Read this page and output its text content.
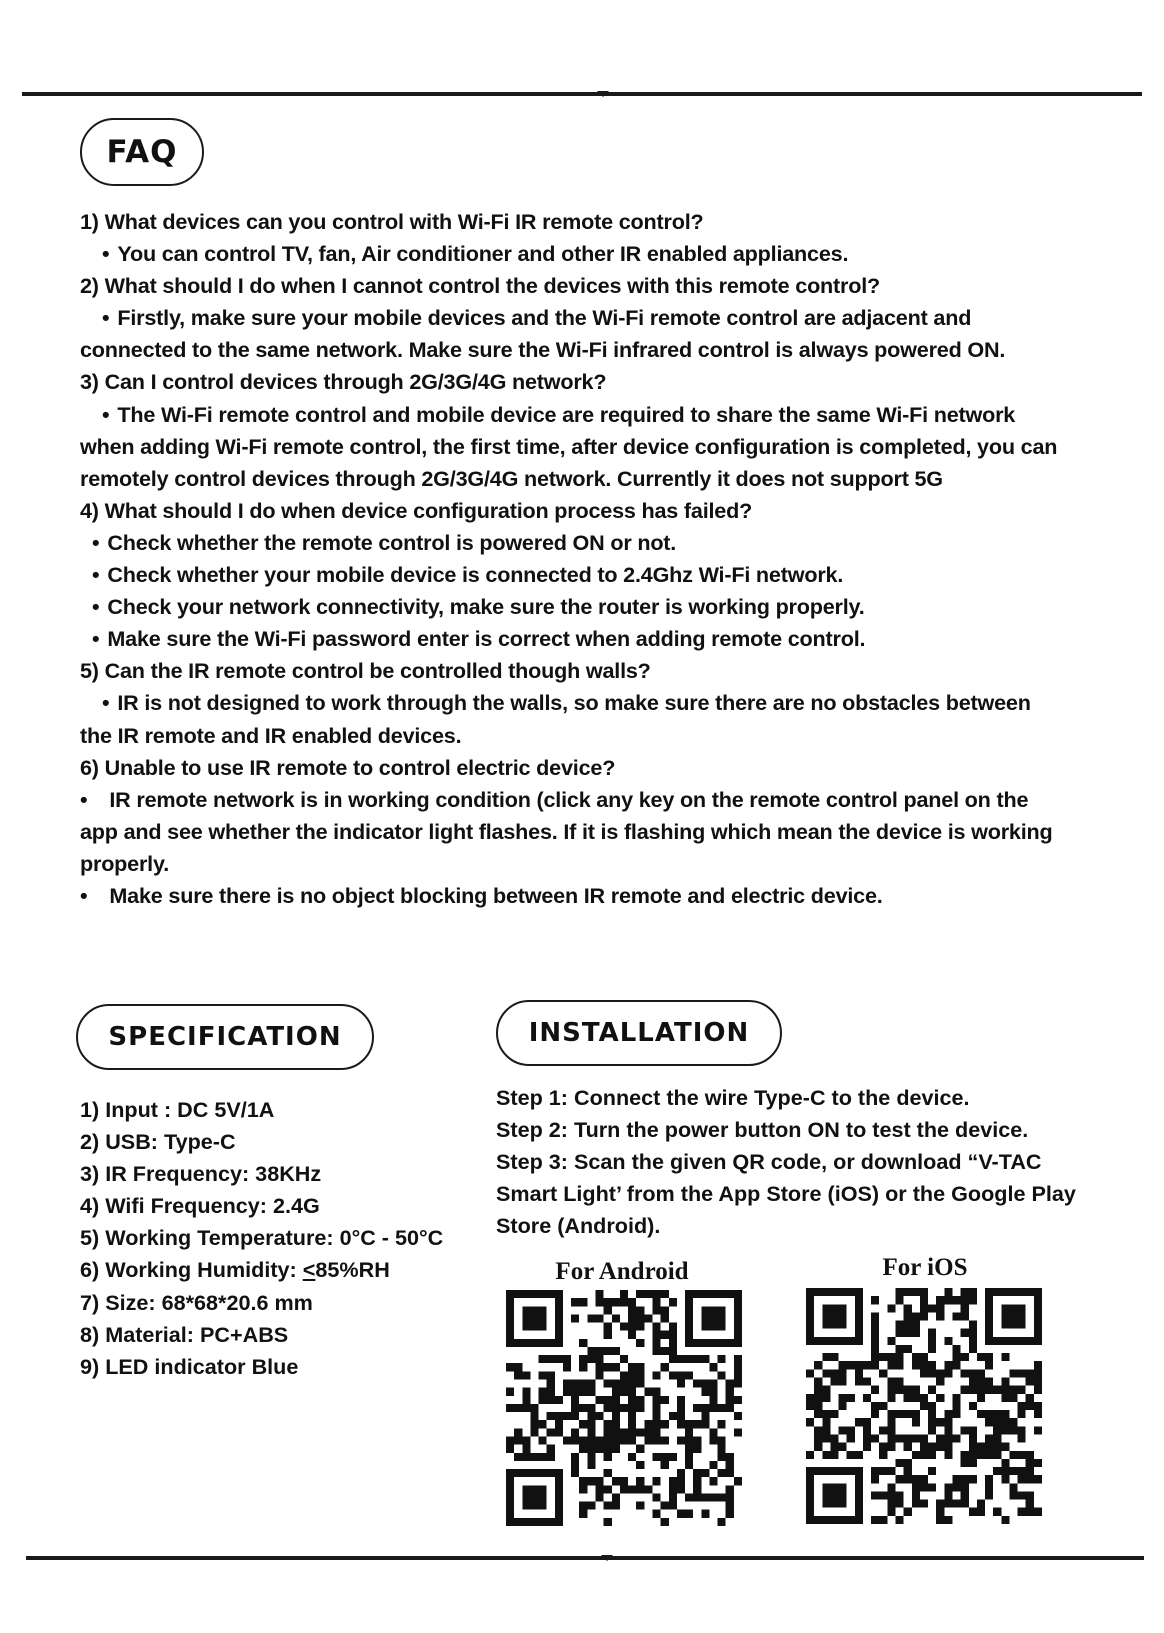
FAQ

1) What devices can you control with Wi-Fi IR remote control?

• You can control TV, fan, Air conditioner and other IR enabled appliances.

2) What should I do when I cannot control the devices with this remote control?

• Firstly, make sure your mobile devices and the Wi-Fi remote control are adjacent and

connected to the same network. Make sure the Wi-Fi infrared control is always powered ON.

3) Can I control devices through 2G/3G/4G network?

• The Wi-Fi remote control and mobile device are required to share the same Wi-Fi network

when adding Wi-Fi remote control, the first time, after device configuration is completed, you can

remotely control devices through 2G/3G/4G network. Currently it does not support 5G

4) What should I do when device configuration process has failed?

• Check whether the remote control is powered ON or not.

• Check whether your mobile device is connected to 2.4Ghz Wi-Fi network.

• Check your network connectivity, make sure the router is working properly.

• Make sure the Wi-Fi password enter is correct when adding remote control.

5) Can the IR remote control be controlled though walls?

• IR is not designed to work through the walls, so make sure there are no obstacles between

the IR remote and IR enabled devices.

6) Unable to use IR remote to control electric device?

• IR remote network is in working condition (click any key on the remote control panel on the

app and see whether the indicator light flashes. If it is flashing which mean the device is working

properly.

• Make sure there is no object blocking between IR remote and electric device.

SPECIFICATION	INSTALLATION

1) Input : DC 5V/1A

2) USB: Type-C

3) IR Frequency: 38KHz

4) Wifi Frequency: 2.4G

5) Working Temperature: 0°C - 50°C

6) Working Humidity: <85%RH

7) Size: 68*68*20.6 mm

8) Material: PC+ABS

9) LED indicator Blue

Step 1: Connect the wire Type-C to the device.

Step 2: Turn the power button ON to test the device.

Step 3: Scan the given QR code, or download “V-TAC

Smart Light’ from the App Store (iOS) or the Google Play

Store (Android).

For Android	For iOS
